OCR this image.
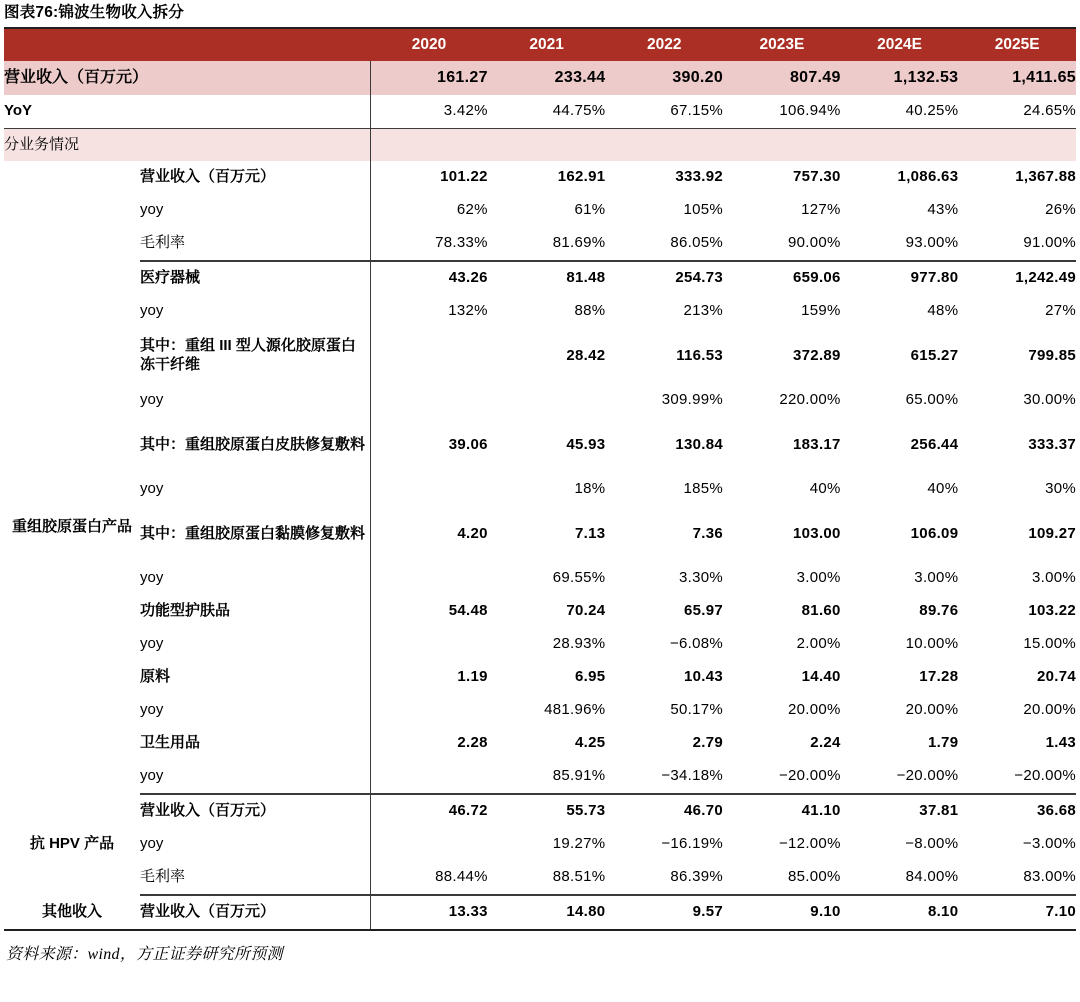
图表76:锦波生物收入拆分
		2020	2021	2022	2023E	2024E	2025E
营业收入（百万元）		161.27	233.44	390.20	807.49	1,132.53	1,411.65
YoY		3.42%	44.75%	67.15%	106.94%	40.25%	24.65%
分业务情况							
	营业收入（百万元）	101.22	162.91	333.92	757.30	1,086.63	1,367.88
	yoy	62%	61%	105%	127%	43%	26%
	毛利率	78.33%	81.69%	86.05%	90.00%	93.00%	91.00%
重组胶原蛋白产品	医疗器械	43.26	81.48	254.73	659.06	977.80	1,242.49
	yoy	132%	88%	213%	159%	48%	27%
	其中：重组 III 型人源化胶原蛋白冻干纤维		28.42	116.53	372.89	615.27	799.85
	yoy			309.99%	220.00%	65.00%	30.00%
	其中：重组胶原蛋白皮肤修复敷料	39.06	45.93	130.84	183.17	256.44	333.37
	yoy		18%	185%	40%	40%	30%
	其中：重组胶原蛋白黏膜修复敷料	4.20	7.13	7.36	103.00	106.09	109.27
	yoy		69.55%	3.30%	3.00%	3.00%	3.00%
	功能型护肤品	54.48	70.24	65.97	81.60	89.76	103.22
	yoy		28.93%	−6.08%	2.00%	10.00%	15.00%
	原料	1.19	6.95	10.43	14.40	17.28	20.74
	yoy		481.96%	50.17%	20.00%	20.00%	20.00%
	卫生用品	2.28	4.25	2.79	2.24	1.79	1.43
	yoy		85.91%	−34.18%	−20.00%	−20.00%	−20.00%
抗 HPV 产品	营业收入（百万元）	46.72	55.73	46.70	41.10	37.81	36.68
	yoy		19.27%	−16.19%	−12.00%	−8.00%	−3.00%
	毛利率	88.44%	88.51%	86.39%	85.00%	84.00%	83.00%
其他收入	营业收入（百万元）	13.33	14.80	9.57	9.10	8.10	7.10
资料来源：wind，方正证券研究所预测
